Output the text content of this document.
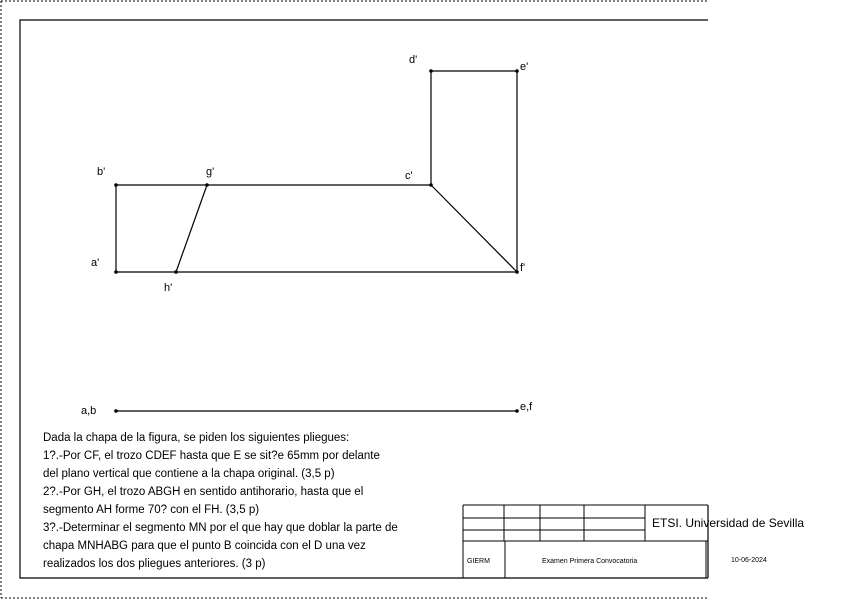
a'
b'	c'
d'
e'
f'
g'
h'
a,b	e,f
ETSI. Universidad de Sevilla
GIERM	Examen Primera Convocatoria	10-06-2024
Dada la chapa de la figura, se piden los siguientes pliegues:
1?.-Por CF, el trozo CDEF hasta que E se sit?e 65mm por delante
del plano vertical que contiene a la chapa original. (3,5 p)
2?.-Por GH, el trozo ABGH en sentido antihorario, hasta que el
segmento AH forme 70? con el FH. (3,5 p)
3?.-Determinar el segmento MN por el que hay que doblar la parte de
chapa MNHABG para que el punto B coincida con el D una vez
realizados los dos pliegues anteriores. (3 p)
